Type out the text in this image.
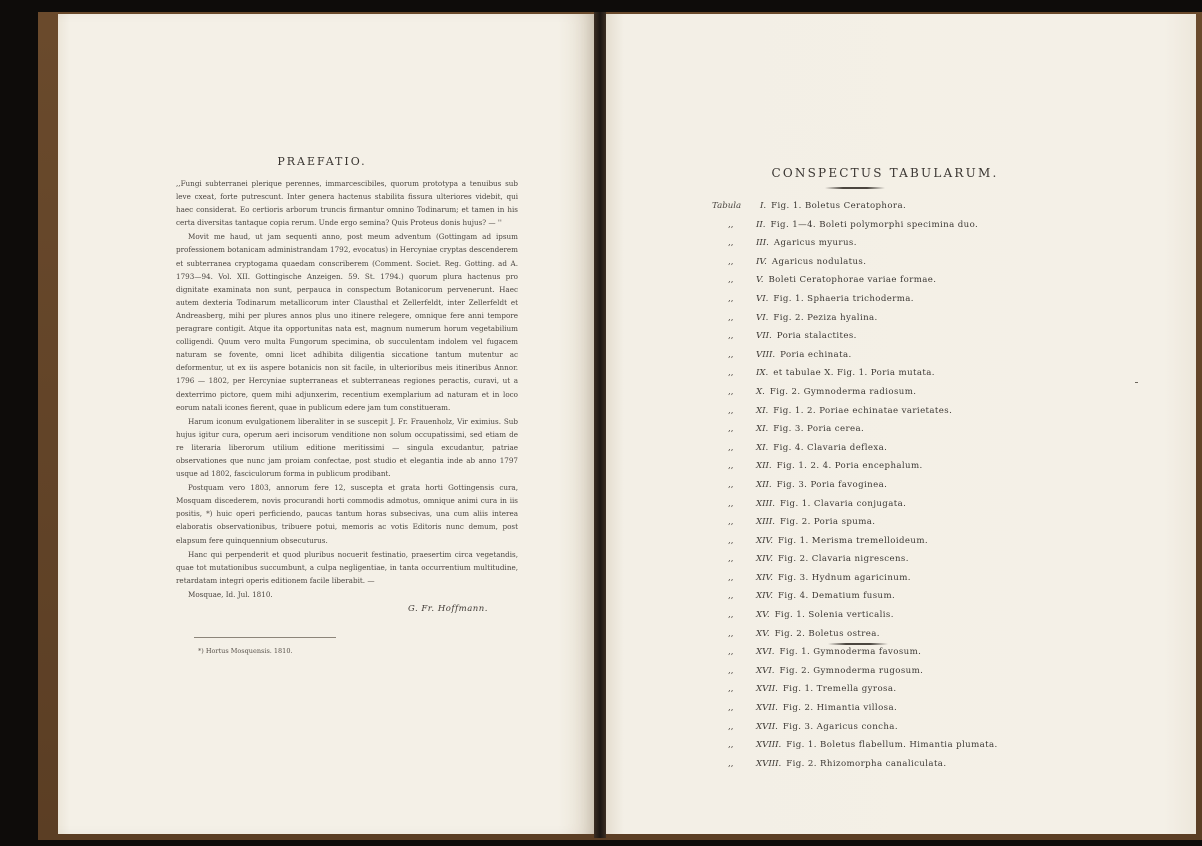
PRAEFATIO.

,,Fungi subterranei plerique perennes, immarcescibiles, quorum prototypa a tenuibus sub leve cxeat, forte putrescunt. Inter genera hactenus stabilita fissura ulteriores videbit, qui haec considerat. Eo certioris arborum truncis firmantur omnino Todinarum; et tamen in his certa diversitas tantaque copia rerum. Unde ergo semina? Quis Proteus donis hujus? — ''

Movit me haud, ut jam sequenti anno, post meum adventum (Gottingam ad ipsum professionem botanicam administrandam 1792, evocatus) in Hercyniae cryptas descenderem et subterranea cryptogama quaedam conscriberem (Comment. Societ. Reg. Gotting. ad A. 1793—94. Vol. XII. Gottingische Anzeigen. 59. St. 1794.) quorum plura hactenus pro dignitate examinata non sunt, perpauca in conspectum Botanicorum pervenerunt. Haec autem dexteria Todinarum metallicorum inter Clausthal et Zellerfeldt, inter Zellerfeldt et Andreasberg, mihi per plures annos plus uno itinere relegere, omnique fere anni tempore peragrare contigit. Atque ita opportunitas nata est, magnum numerum horum vegetabilium colligendi. Quum vero multa Fungorum specimina, ob succulentam indolem vel fugacem naturam se fovente, omni licet adhibita diligentia siccatione tantum mutentur ac deformentur, ut ex iis aspere botanicis non sit facile, in ulterioribus meis itineribus Annor. 1796 — 1802, per Hercyniae supterraneas et subterraneas regiones peractis, curavi, ut a dexterrimo pictore, quem mihi adjunxerim, recentium exemplarium ad naturam et in loco eorum natali icones fierent, quae in publicum edere jam tum constitueram.

Harum iconum evulgationem liberaliter in se suscepit J. Fr. Frauenholz, Vir eximius. Sub hujus igitur cura, operum aeri incisorum venditione non solum occupatissimi, sed etiam de re literaria liberorum utilium editione meritissimi — singula excudantur, patriae observationes que nunc jam proiam confectae, post studio et elegantia inde ab anno 1797 usque ad 1802, fasciculorum forma in publicum prodibant.

Postquam vero 1803, annorum fere 12, suscepta et grata horti Gottingensis cura, Mosquam discederem, novis procurandi horti commodis admotus, omnique animi cura in iis positis, *) huic operi perficiendo, paucas tantum horas subsecivas, una cum aliis interea elaboratis observationibus, tribuere potui, memoris ac votis Editoris nunc demum, post elapsum fere quinquennium obsecuturus.

Hanc qui perpenderit et quod pluribus nocuerit festinatio, praesertim circa vegetandis, quae tot mutationibus succumbunt, a culpa negligentiae, in tanta occurrentium multitudine, retardatam integri operis editionem facile liberabit. —

Mosquae, Id. Jul. 1810.

G. Fr. Hoffmann.
*) Hortus Mosquensis. 1810.
CONSPECTUS TABULARUM.
Tabula I. Fig. 1. Boletus Ceratophora.
,,	II. Fig. 1—4. Boleti polymorphi specimina duo.
,,	III. Agaricus myurus.
,,	IV. Agaricus nodulatus.
,,	V. Boleti Ceratophorae variae formae.
,,	VI. Fig. 1. Sphaeria trichoderma.
,,	VI. Fig. 2. Peziza hyalina.
,,	VII. Poria stalactites.
,,	VIII. Poria echinata.
,,	IX. et tabulae X. Fig. 1. Poria mutata.
,,	X. Fig. 2. Gymnoderma radiosum.
,,	XI. Fig. 1. 2. Poriae echinatae varietates.
,,	XI. Fig. 3. Poria cerea.
,,	XI. Fig. 4. Clavaria deflexa.
,,	XII. Fig. 1. 2. 4. Poria encephalum.
,,	XII. Fig. 3. Poria favogineа.
,,	XIII. Fig. 1. Clavaria conjugata.
,,	XIII. Fig. 2. Poria spuma.
,,	XIV. Fig. 1. Merisma tremelloideum.
,,	XIV. Fig. 2. Clavaria nigrescens.
,,	XIV. Fig. 3. Hydnum agaricinum.
,,	XIV. Fig. 4. Dematium fusum.
,,	XV. Fig. 1. Solenia verticalis.
,,	XV. Fig. 2. Boletus ostrea.
,,	XVI. Fig. 1. Gymnoderma favosum.
,,	XVI. Fig. 2. Gymnoderma rugosum.
,,	XVII. Fig. 1. Tremella gyrosa.
,,	XVII. Fig. 2. Himantia villosa.
,,	XVII. Fig. 3. Agaricus concha.
,,	XVIII. Fig. 1. Boletus flabellum. Himantia plumata.
,,	XVIII. Fig. 2. Rhizomorpha canaliculata.
